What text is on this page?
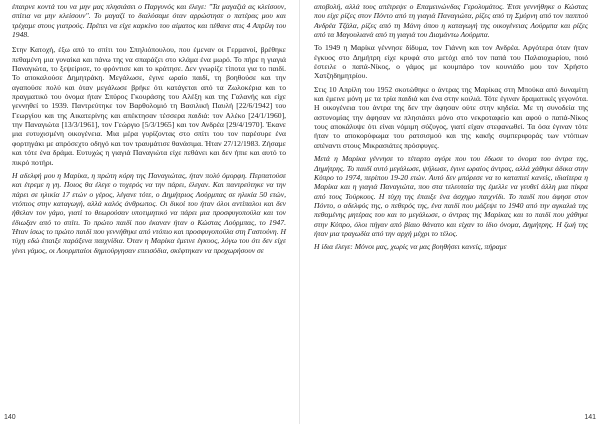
έπαιρνε κοντά του να μην μας πλησιάσει ο Παργυνός και έλεγε: "Τα μαγαζιά ας κλείσουν, σπίτια να μην κλείσουν". Το μαγαζί το διαλύσαμε όταν αρρώστησε ο πατέρας μου και τρέχαμε στους γιατρούς. Πρέπει να είχε καρκίνο του αίματος και πέθανε στις 4 Απρίλη του 1948.

Στην Κατοχή, έξω από το σπίτι του Σπηλιόπουλου, που έμεναν οι Γερμανοί, βρέθηκε πεθαμένη μια γυναίκα και πάνω της να σπαράζει στο κλάμα ένα μωρό. Το πήρε η γιαγιά Παναγιώτα, το ξεψείρισε, το φρόντισε και το κράτησε. Δεν γνωρίζε τίποτα για το παιδί. Το αποκαλούσε Δημητράκη. Μεγάλωσε, έγινε ωραίο παιδί, τη βοηθούσε και την αγαπούσε πολύ και όταν μεγάλωσε βρήκε ότι κατάγεται από τα Ζωλοκέρια και το πραγματικό του όνομα ήταν Σπύρος Γκουράσης του Αλέξη και της Γαλανής και είχε γεννηθεί το 1939. Παντρεύτηκε τον Βαρθολομιό τη Βασιλική Παυλή [22/6/1942] του Γεωργίου και της Αικατερίνης και απέκτησαν τέσσερα παιδιά: τον Αλέκο [24/1/1960], την Παναγιώτα [13/3/1961], τον Γεώργιο [5/3/1965] και τον Ανδρέα [29/4/1970]. Έκανε μια ευτυχισμένη οικογένεια. Μια μέρα γυρίζοντας στο σπίτι του τον παρέσυρε ένα φορτηγάκι με απρόσεχτο οδηγό και τον τραυμάτισε θανάσιμα. Ήταν 27/12/1983. Ζήσαμε και τότε ένα δράμα. Ευτυχώς η γιαγιά Παναγιώτα είχε πεθάνει και δεν ήπιε και αυτό το πικρό ποτήρι.

Η αδελφή μου η Μαρίκα, η πρώτη κόρη της Παναγιώτας, ήταν πολύ όμορφη. Περπατούσε και έτρεμε η γη. Ποιος θα έλεγε ο τυχερός να την πάρει, έλεγαν. Και παντρεύτηκε να την πάρει σε ηλικία 17 ετών ο γέρος, λέγανε τότε, ο Δημήτριος Λούρμπας σε ηλικία 50 ετών, ντόπιος στην καταγωγή, αλλά καλός άνθρωπος. Οι δικοί του ήταν όλοι αντίπαλοι και δεν ήθελαν τον γάμο, γιατί το θεωρούσαν υποτιμητικό να πάρει μια προσφυγοπούλα και τον έδιωξαν από το σπίτι. Το πρώτο παιδί που έκαναν ήταν ο Κώστας Λούρμπας, το 1947. Ήταν ίσως το πρώτο παιδί που γεννήθηκε από ντόπιο και προσφυγοπούλα στη Γαστούνη. Η τύχη εδώ έπαιξε παράξενα παιχνίδια. Όταν η Μαρίκα έμεινε έγκυος, λόγω του ότι δεν είχε γίνει γάμος, οι Λουρμπαίοι δημιούργησαν επεισόδια, σκέφτηκαν να προχωρήσουν σε

140

αποβολή, αλλά τους απέτρεψε ο Επαμεινώνδας Γερολυμάτος. Έτσι γεννήθηκε ο Κώστας που είχε ρίζες στον Πόντο από τη γιαγιά Παναγιώτα, ρίζες από τη Σμύρνη από τον παππού Ανδρέα Τζάλα, ρίζες από τη Μάνη όπου η καταγωγή της οικογένειας Λούρμπα και ρίζες από τα Μαγουλιανά από τη γιαγιά του Διαμάντω Λούρμπα.

Το 1949 η Μαρίκα γέννησε δίδυμα, τον Γιάννη και τον Ανδρέα. Αργότερα όταν ήταν έγκυος στο Δημήτρη είχε κρυφά στο μετόχι από τον παπά του Παλαιοχωρίου, ποιό έστειλε ο παπά-Νίκος, ο γάμος με κουμπάρο τον κουνιάδο μου τον Χρήστο Χατζηδημητρίου.

Στις 10 Απρίλη του 1952 σκοτώθηκε ο άντρας της Μαρίκας στη Μπούκα από δυναμίτη και έμεινε μόνη με τα τρία παιδιά και ένα στην κοιλιά. Τότε έγιναν δραματικές γεγονότα. Η οικογένεια του άντρα της δεν την άφησαν ούτε στην κηδεία. Με τη συνοδεία της αστυνομίας την άφησαν να πλησιάσει μόνο στο νεκροταφείο και αφού ο παπά-Νίκος τους αποκάλυψε ότι είναι νόμιμη σύζυγος, γιατί είχαν στεφανωθεί. Τα όσα έγιναν τότε ήταν το αποκορύφωμα του ρατσισμού και της κακής συμπεριφοράς των ντόπιων απέναντι στους Μικρασιάτες πρόσφυγες.

Μετά η Μαρίκα γέννησε το τέταρτο αγόρι που του έδωσε το όνομα του άντρα της, Δημήτρης. Το παιδί αυτό μεγάλωσε, ψήλωσε, έγινε ωραίος άντρας, αλλά χάθηκε άδικα στην Κύπρο το 1974, περίπου 19-20 ετών. Αυτό δεν μπόρεσε να το καταπιεί κανείς, ιδιαίτερα η Μαρίκα και η γιαγιά Παναγιώτα, που στα τελευταία της έμελλε να γευθεί άλλη μια πίκρα από τους Τούρκους. Η τύχη της έπαιξε ένα άσχημο παιχνίδι. Το παιδί που άφησε στον Πόντο, ο αδελφός της, ο πεθερός της, ένα παιδί που μάζεψε το 1940 από την αγκαλιά της πεθαμένης μητέρας του και το μεγάλωσε, ο άντρας της Μαρίκας και το παιδί που χάθηκε στην Κύπρο, όλοι πήγαν από βίαιο θάνατο και είχαν το ίδιο όνομα, Δημήτρης. Η ζωή της ήταν μια τραγωδία από την αρχή μέχρι το τέλος.

Η ίδια έλεγε: Μόνοι μας, χωρίς να μας βοηθήσει κανείς, πήραμε

141
